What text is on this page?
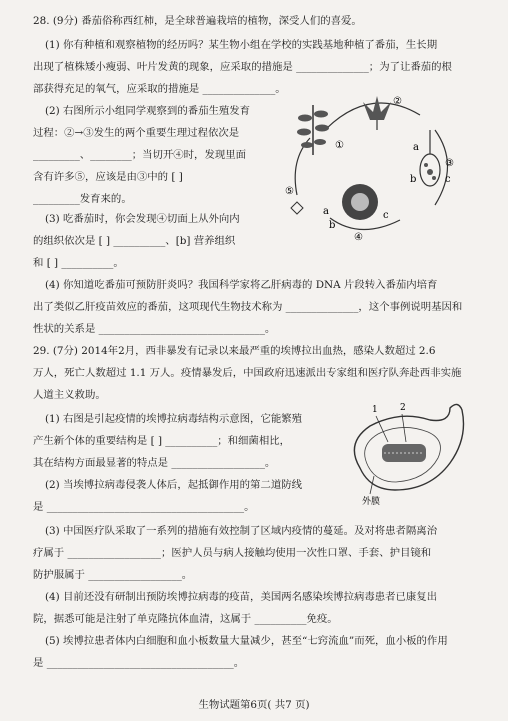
28. (9分) 番茄俗称西红柿，是全球普遍栽培的植物，深受人们的喜爱。
(1) 你有种植和观察植物的经历吗？某生物小组在学校的实践基地种植了番茄，生长期
出现了植株矮小瘦弱、叶片发黄的现象，应采取的措施是 ______________；为了让番茄的根
部获得充足的氧气，应采取的措施是 ______________。
(2) 右图所示小组同学观察到的番茄生殖发育
过程：②→③发生的两个重要生理过程依次是
_________、________；当切开④时，发现里面
含有许多⑤，应该是由③中的 [ ]
_________发育来的。
(3) 吃番茄时，你会发现④切面上从外向内
的组织依次是 [ ] __________、[b] 营养组织
和 [ ] __________。
(4) 你知道吃番茄可预防肝炎吗？我国科学家将乙肝病毒的 DNA 片段转入番茄内培育
出了类似乙肝疫苗效应的番茄，这项现代生物技术称为 ______________，这个事例说明基因和
性状的关系是 ________________________________。
①
②
③
④
⑤
a
b	c
a
b
c
29. (7分) 2014年2月，西非暴发有记录以来最严重的埃博拉出血热，感染人数超过 2.6
万人，死亡人数超过 1.1 万人。疫情暴发后，中国政府迅速派出专家组和医疗队奔赴西非实施
人道主义救助。
(1) 右图是引起疫情的埃博拉病毒结构示意图，它能繁殖
产生新个体的重要结构是 [ ] __________；和细菌相比，
其在结构方面最显著的特点是 __________________。
(2) 当埃博拉病毒侵袭人体后，起抵御作用的第二道防线
是 ______________________________________。
(3) 中国医疗队采取了一系列的措施有效控制了区域内疫情的蔓延。及对将患者隔离治
疗属于 __________________；医护人员与病人接触均使用一次性口罩、手套、护目镜和
防护服属于 __________________。
(4) 目前还没有研制出预防埃博拉病毒的疫苗，美国两名感染埃博拉病毒患者已康复出
院，据悉可能是注射了单克隆抗体血清，这属于 __________免疫。
(5) 埃博拉患者体内白细胞和血小板数量大量减少，甚至“七窍流血”而死，血小板的作用
是 ____________________________________。
1 2
外膜
生物试题第6页( 共7 页)
